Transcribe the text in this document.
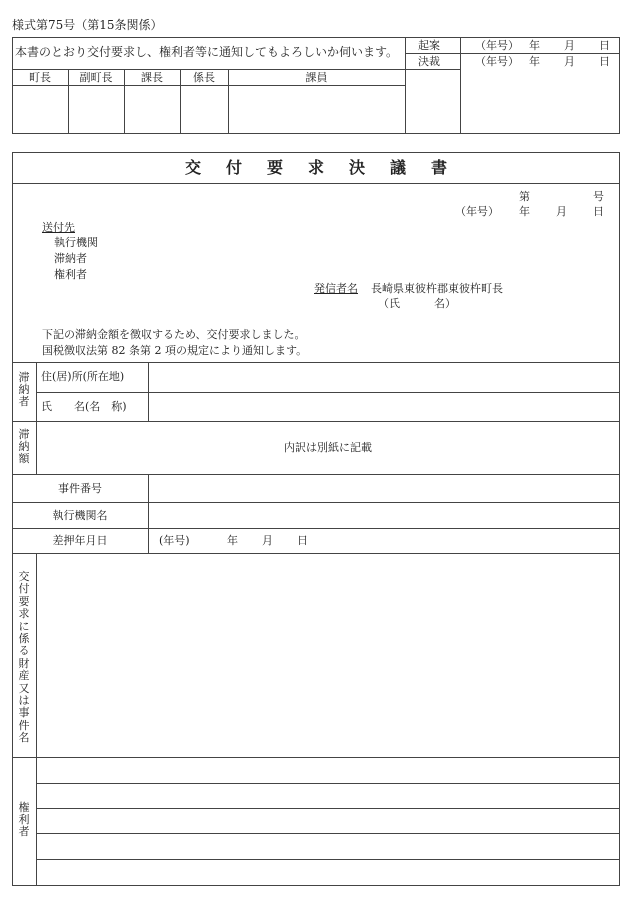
様式第75号（第15条関係）
本書のとおり交付要求し、権利者等に通知してもよろしいか伺います。 起案	（年号） 年 月 日
決裁	（年号） 年 月 日
町長	副町長	課長	係長	課員
交 付 要 求 決 議 書
第	号
（年号） 年 月 日
送付先
執行機関
滞納者
権利者
発信者名 長崎県東彼杵郡東彼杵町長
（氏	名）
下記の滞納金額を徴収するため、交付要求しました。
国税徴収法第 82 条第 2 項の規定により通知します。
滞納者
住(居)所(所在地)
氏　　名(名　称)
滞納額
内訳は別紙に記載
事件番号
執行機関名
差押年月日	(年号)	年 月 日
交付要求に係る財産又は事件名
権利者
